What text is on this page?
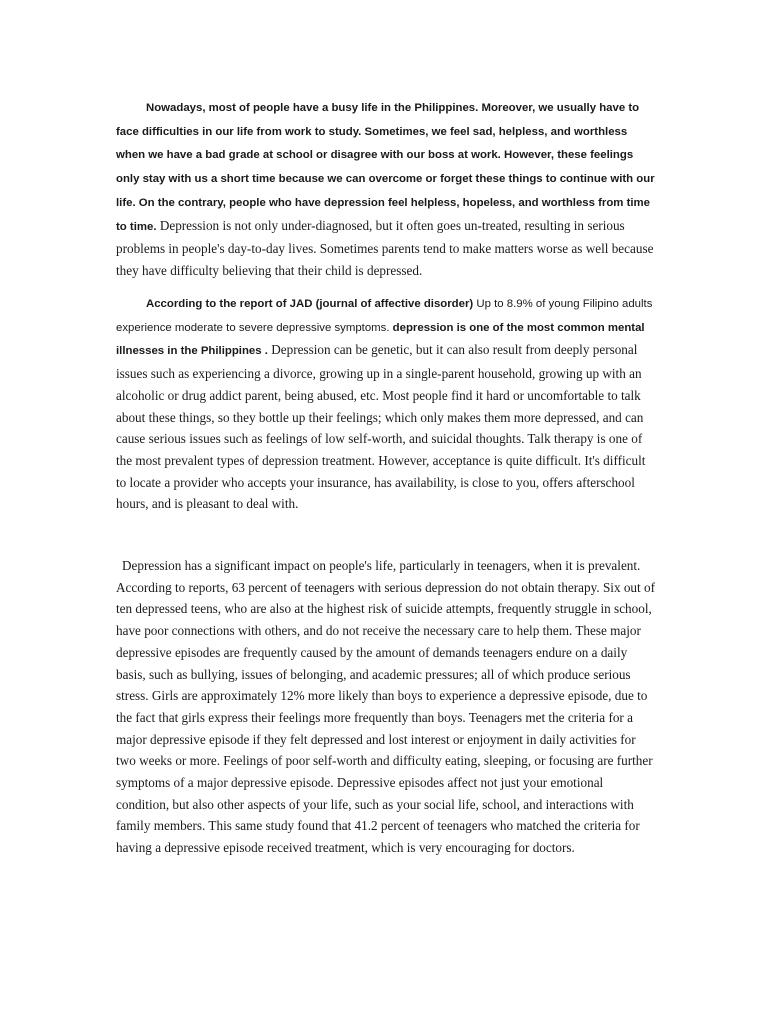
Nowadays, most of people have a busy life in the Philippines. Moreover, we usually have to face difficulties in our life from work to study. Sometimes, we feel sad, helpless, and worthless when we have a bad grade at school or disagree with our boss at work. However, these feelings only stay with us a short time because we can overcome or forget these things to continue with our life. On the contrary, people who have depression feel helpless, hopeless, and worthless from time to time. Depression is not only under-diagnosed, but it often goes un-treated, resulting in serious problems in people's day-to-day lives. Sometimes parents tend to make matters worse as well because they have difficulty believing that their child is depressed.

According to the report of JAD (journal of affective disorder) Up to 8.9% of young Filipino adults experience moderate to severe depressive symptoms. depression is one of the most common mental illnesses in the Philippines . Depression can be genetic, but it can also result from deeply personal issues such as experiencing a divorce, growing up in a single-parent household, growing up with an alcoholic or drug addict parent, being abused, etc. Most people find it hard or uncomfortable to talk about these things, so they bottle up their feelings; which only makes them more depressed, and can cause serious issues such as feelings of low self-worth, and suicidal thoughts. Talk therapy is one of the most prevalent types of depression treatment. However, acceptance is quite difficult. It's difficult to locate a provider who accepts your insurance, has availability, is close to you, offers afterschool hours, and is pleasant to deal with.

Depression has a significant impact on people's life, particularly in teenagers, when it is prevalent. According to reports, 63 percent of teenagers with serious depression do not obtain therapy. Six out of ten depressed teens, who are also at the highest risk of suicide attempts, frequently struggle in school, have poor connections with others, and do not receive the necessary care to help them. These major depressive episodes are frequently caused by the amount of demands teenagers endure on a daily basis, such as bullying, issues of belonging, and academic pressures; all of which produce serious stress. Girls are approximately 12% more likely than boys to experience a depressive episode, due to the fact that girls express their feelings more frequently than boys. Teenagers met the criteria for a major depressive episode if they felt depressed and lost interest or enjoyment in daily activities for two weeks or more. Feelings of poor self-worth and difficulty eating, sleeping, or focusing are further symptoms of a major depressive episode. Depressive episodes affect not just your emotional condition, but also other aspects of your life, such as your social life, school, and interactions with family members. This same study found that 41.2 percent of teenagers who matched the criteria for having a depressive episode received treatment, which is very encouraging for doctors.
